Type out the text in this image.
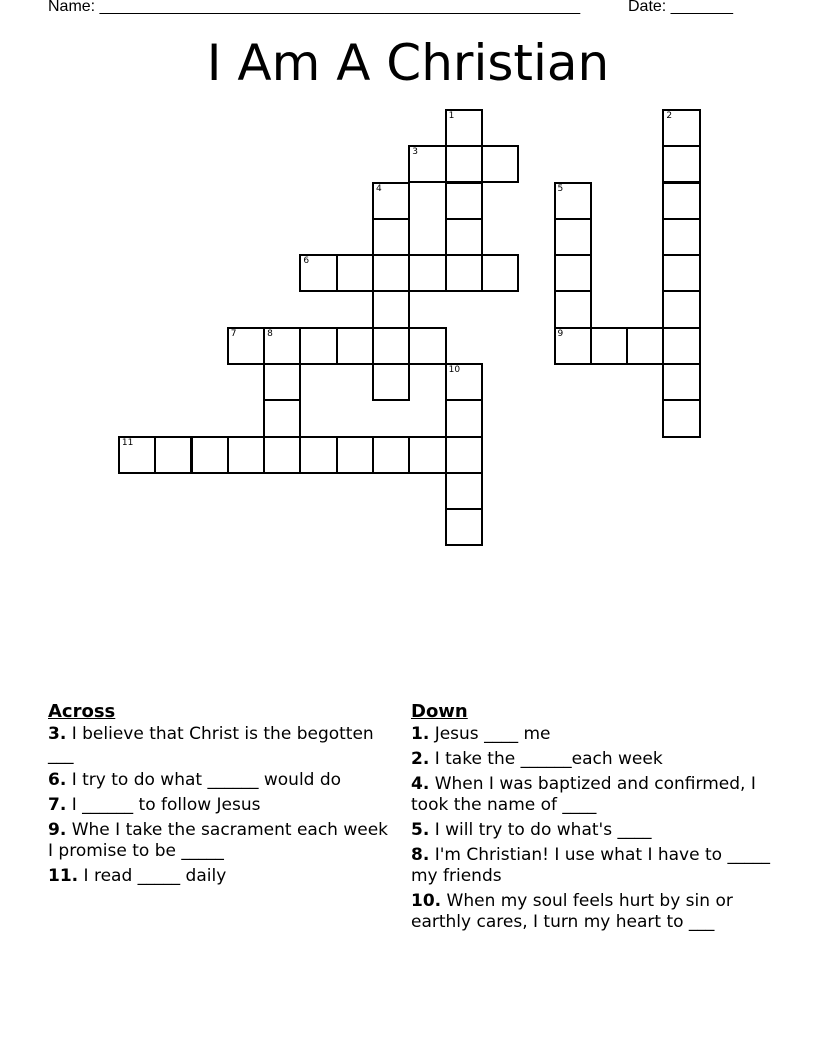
Name: ______________________________________________________	Date: _______
I Am A Christian
1	2
3
4	5
6
7	8	9
10
11
Across
3. I believe that Christ is the begotten ___
6. I try to do what ______ would do
7. I ______ to follow Jesus
9. Whe I take the sacrament each week I promise to be _____
11. I read _____ daily
Down
1. Jesus ____ me
2. I take the ______each week
4. When I was baptized and confirmed, I took the name of ____
5. I will try to do what's ____
8. I'm Christian! I use what I have to _____ my friends
10. When my soul feels hurt by sin or earthly cares, I turn my heart to ___
